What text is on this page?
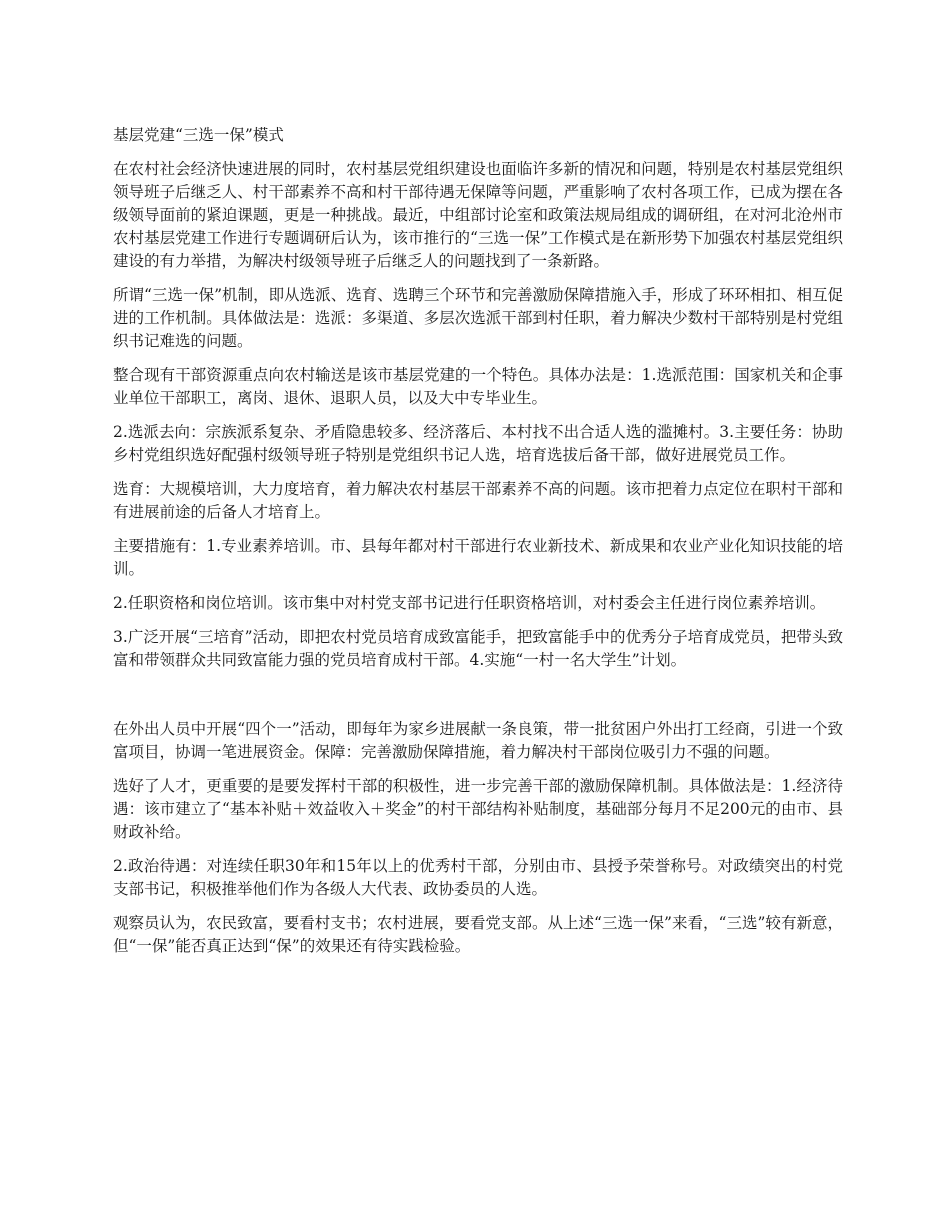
基层党建“三选一保”模式

在农村社会经济快速进展的同时，农村基层党组织建设也面临许多新的情况和问题，特别是农村基层党组织领导班子后继乏人、村干部素养不高和村干部待遇无保障等问题，严重影响了农村各项工作，已成为摆在各级领导面前的紧迫课题，更是一种挑战。最近，中组部讨论室和政策法规局组成的调研组，在对河北沧州市农村基层党建工作进行专题调研后认为，该市推行的“三选一保”工作模式是在新形势下加强农村基层党组织建设的有力举措，为解决村级领导班子后继乏人的问题找到了一条新路。

所谓“三选一保”机制，即从选派、选育、选聘三个环节和完善激励保障措施入手，形成了环环相扣、相互促进的工作机制。具体做法是：选派：多渠道、多层次选派干部到村任职，着力解决少数村干部特别是村党组织书记难选的问题。

整合现有干部资源重点向农村输送是该市基层党建的一个特色。具体办法是：1.选派范围：国家机关和企事业单位干部职工，离岗、退休、退职人员，以及大中专毕业生。

2.选派去向：宗族派系复杂、矛盾隐患较多、经济落后、本村找不出合适人选的滥摊村。3.主要任务：协助乡村党组织选好配强村级领导班子特别是党组织书记人选，培育选拔后备干部，做好进展党员工作。

选育：大规模培训，大力度培育，着力解决农村基层干部素养不高的问题。该市把着力点定位在职村干部和有进展前途的后备人才培育上。

主要措施有：1.专业素养培训。市、县每年都对村干部进行农业新技术、新成果和农业产业化知识技能的培训。

2.任职资格和岗位培训。该市集中对村党支部书记进行任职资格培训，对村委会主任进行岗位素养培训。

3.广泛开展“三培育”活动，即把农村党员培育成致富能手，把致富能手中的优秀分子培育成党员，把带头致富和带领群众共同致富能力强的党员培育成村干部。4.实施“一村一名大学生”计划。

在外出人员中开展“四个一”活动，即每年为家乡进展献一条良策，带一批贫困户外出打工经商，引进一个致富项目，协调一笔进展资金。保障：完善激励保障措施，着力解决村干部岗位吸引力不强的问题。

选好了人才，更重要的是要发挥村干部的积极性，进一步完善干部的激励保障机制。具体做法是：1.经济待遇：该市建立了“基本补贴＋效益收入＋奖金”的村干部结构补贴制度，基础部分每月不足200元的由市、县财政补给。

2.政治待遇：对连续任职30年和15年以上的优秀村干部，分别由市、县授予荣誉称号。对政绩突出的村党支部书记，积极推举他们作为各级人大代表、政协委员的人选。

观察员认为，农民致富，要看村支书；农村进展，要看党支部。从上述“三选一保”来看，“三选”较有新意，但“一保”能否真正达到“保”的效果还有待实践检验。
